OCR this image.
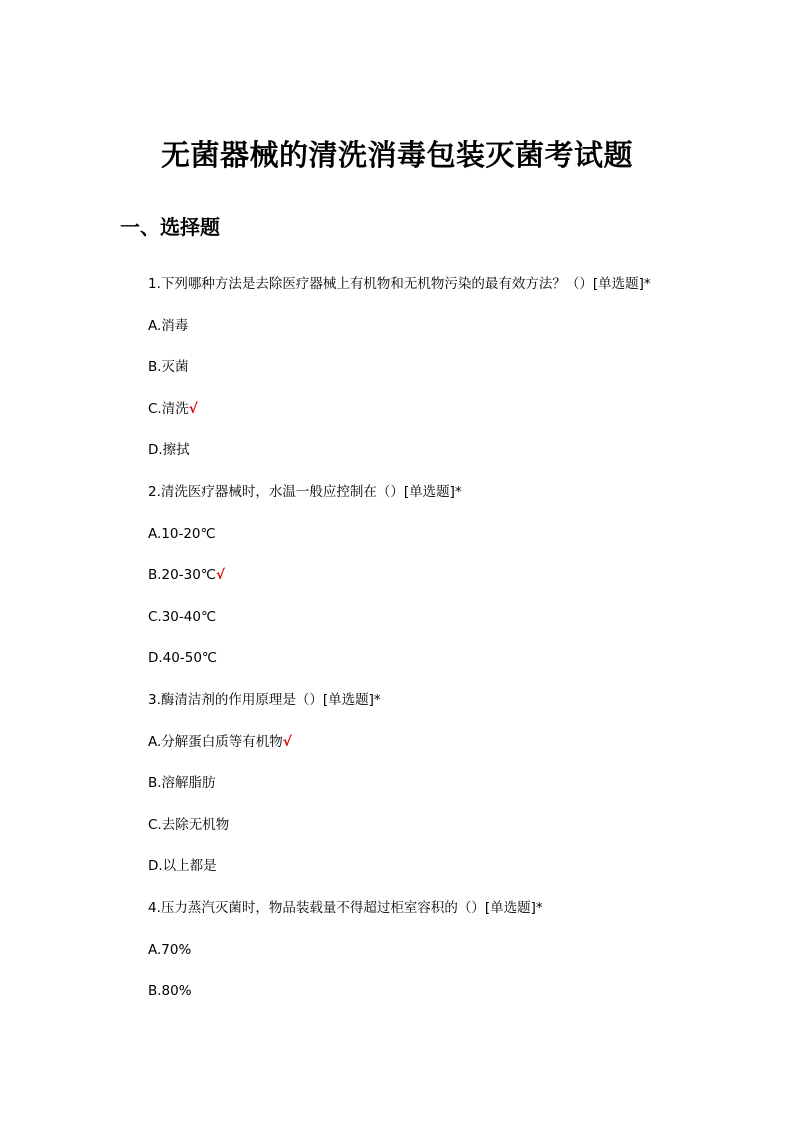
无菌器械的清洗消毒包装灭菌考试题
一、选择题
1.下列哪种方法是去除医疗器械上有机物和无机物污染的最有效方法？（）[单选题]*
A.消毒
B.灭菌
C.清洗√
D.擦拭
2.清洗医疗器械时，水温一般应控制在（）[单选题]*
A.10-20℃
B.20-30℃√
C.30-40℃
D.40-50℃
3.酶清洁剂的作用原理是（）[单选题]*
A.分解蛋白质等有机物√
B.溶解脂肪
C.去除无机物
D.以上都是
4.压力蒸汽灭菌时，物品装载量不得超过柜室容积的（）[单选题]*
A.70%
B.80%
